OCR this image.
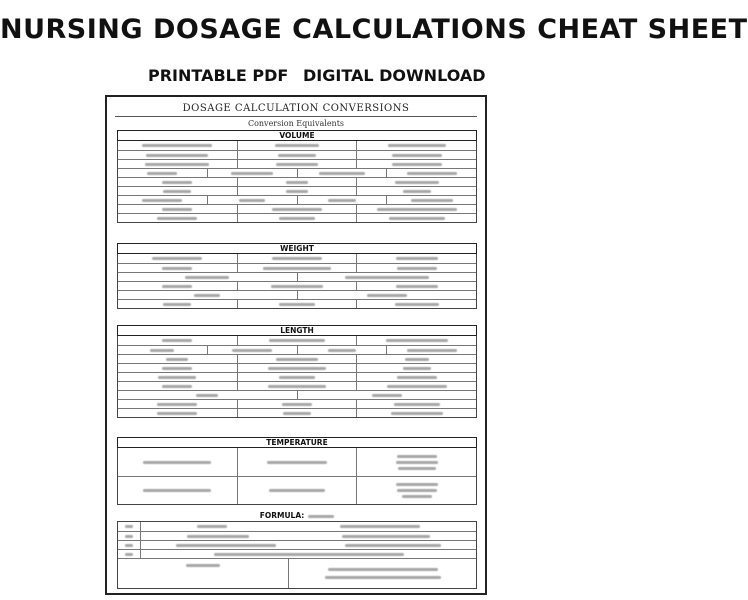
NURSING DOSAGE CALCULATIONS CHEAT SHEET
PRINTABLE PDF DIGITAL DOWNLOAD
DOSAGE CALCULATION CONVERSIONS
Conversion Equivalents
VOLUME
WEIGHT
LENGTH
TEMPERATURE
FORMULA:
